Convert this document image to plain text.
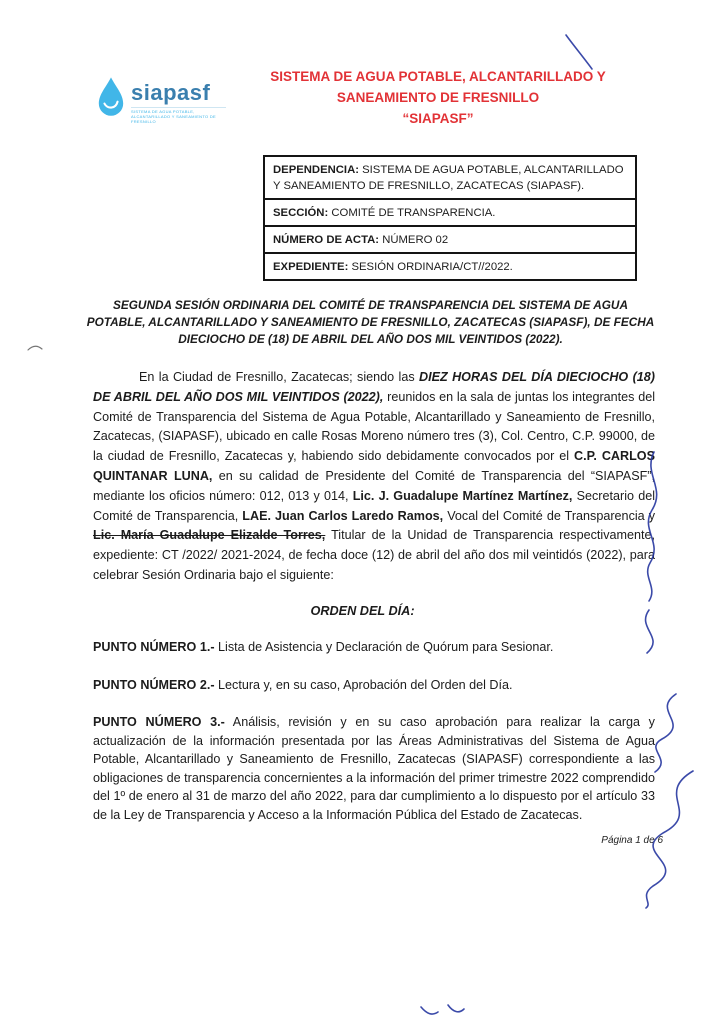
siapasf
SISTEMA DE AGUA POTABLE, ALCANTARILLADO Y SANEAMIENTO DE FRESNILLO
SISTEMA DE AGUA POTABLE, ALCANTARILLADO Y
SANEAMIENTO DE FRESNILLO
“SIAPASF”
DEPENDENCIA: SISTEMA DE AGUA POTABLE, ALCANTARILLADO Y SANEAMIENTO DE FRESNILLO, ZACATECAS (SIAPASF).
SECCIÓN: COMITÉ DE TRANSPARENCIA.
NÚMERO DE ACTA: NÚMERO 02
EXPEDIENTE: SESIÓN ORDINARIA/CT//2022.
SEGUNDA SESIÓN ORDINARIA DEL COMITÉ DE TRANSPARENCIA DEL SISTEMA DE AGUA POTABLE, ALCANTARILLADO Y SANEAMIENTO DE FRESNILLO, ZACATECAS (SIAPASF), DE FECHA DIECIOCHO DE (18) DE ABRIL DEL AÑO DOS MIL VEINTIDOS (2022).

En la Ciudad de Fresnillo, Zacatecas; siendo las DIEZ HORAS DEL DÍA DIECIOCHO (18) DE ABRIL DEL AÑO DOS MIL VEINTIDOS (2022), reunidos en la sala de juntas los integrantes del Comité de Transparencia del Sistema de Agua Potable, Alcantarillado y Saneamiento de Fresnillo, Zacatecas, (SIAPASF), ubicado en calle Rosas Moreno número tres (3), Col. Centro, C.P. 99000, de la ciudad de Fresnillo, Zacatecas y, habiendo sido debidamente convocados por el C.P. CARLOS QUINTANAR LUNA, en su calidad de Presidente del Comité de Transparencia del “SIAPASF”, mediante los oficios número: 012, 013 y 014, Lic. J. Guadalupe Martínez Martínez, Secretario del Comité de Transparencia, LAE. Juan Carlos Laredo Ramos, Vocal del Comité de Transparencia y Lic. María Guadalupe Elizalde Torres, Titular de la Unidad de Transparencia respectivamente, expediente: CT /2022/ 2021-2024, de fecha doce (12) de abril del año dos mil veintidós (2022), para celebrar Sesión Ordinaria bajo el siguiente:

ORDEN DEL DÍA:

PUNTO NÚMERO 1.- Lista de Asistencia y Declaración de Quórum para Sesionar.

PUNTO NÚMERO 2.- Lectura y, en su caso, Aprobación del Orden del Día.

PUNTO NÚMERO 3.- Análisis, revisión y en su caso aprobación para realizar la carga y actualización de la información presentada por las Áreas Administrativas del Sistema de Agua Potable, Alcantarillado y Saneamiento de Fresnillo, Zacatecas (SIAPASF) correspondiente a las obligaciones de transparencia concernientes a la información del primer trimestre 2022 comprendido del 1º de enero al 31 de marzo del año 2022, para dar cumplimiento a lo dispuesto por el artículo 33 de la Ley de Transparencia y Acceso a la Información Pública del Estado de Zacatecas.

Página 1 de 6
